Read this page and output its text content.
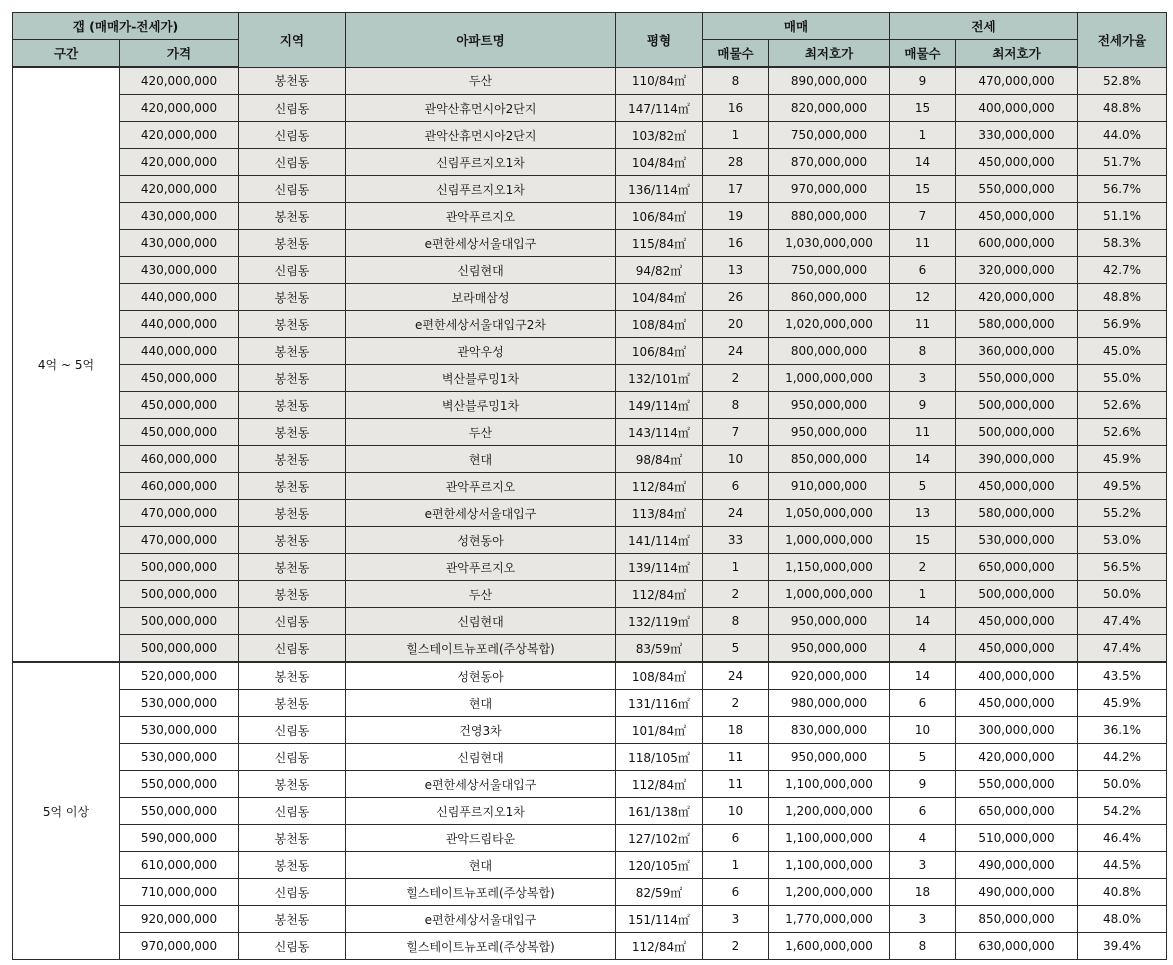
갭 (매매가-전세가)		지역	아파트명	평형	매매		전세		전세가율
구간	가격				매물수	최저호가	매물수	최저호가	
4억 ~ 5억	420,000,000	봉천동	두산	110/84㎡	8	890,000,000	9	470,000,000	52.8%
	420,000,000	신림동	관악산휴먼시아2단지	147/114㎡	16	820,000,000	15	400,000,000	48.8%
	420,000,000	신림동	관악산휴먼시아2단지	103/82㎡	1	750,000,000	1	330,000,000	44.0%
	420,000,000	신림동	신림푸르지오1차	104/84㎡	28	870,000,000	14	450,000,000	51.7%
	420,000,000	신림동	신림푸르지오1차	136/114㎡	17	970,000,000	15	550,000,000	56.7%
	430,000,000	봉천동	관악푸르지오	106/84㎡	19	880,000,000	7	450,000,000	51.1%
	430,000,000	봉천동	e편한세상서울대입구	115/84㎡	16	1,030,000,000	11	600,000,000	58.3%
	430,000,000	신림동	신림현대	94/82㎡	13	750,000,000	6	320,000,000	42.7%
	440,000,000	봉천동	보라매삼성	104/84㎡	26	860,000,000	12	420,000,000	48.8%
	440,000,000	봉천동	e편한세상서울대입구2차	108/84㎡	20	1,020,000,000	11	580,000,000	56.9%
	440,000,000	봉천동	관악우성	106/84㎡	24	800,000,000	8	360,000,000	45.0%
	450,000,000	봉천동	벽산블루밍1차	132/101㎡	2	1,000,000,000	3	550,000,000	55.0%
	450,000,000	봉천동	벽산블루밍1차	149/114㎡	8	950,000,000	9	500,000,000	52.6%
	450,000,000	봉천동	두산	143/114㎡	7	950,000,000	11	500,000,000	52.6%
	460,000,000	봉천동	현대	98/84㎡	10	850,000,000	14	390,000,000	45.9%
	460,000,000	봉천동	관악푸르지오	112/84㎡	6	910,000,000	5	450,000,000	49.5%
	470,000,000	봉천동	e편한세상서울대입구	113/84㎡	24	1,050,000,000	13	580,000,000	55.2%
	470,000,000	봉천동	성현동아	141/114㎡	33	1,000,000,000	15	530,000,000	53.0%
	500,000,000	봉천동	관악푸르지오	139/114㎡	1	1,150,000,000	2	650,000,000	56.5%
	500,000,000	봉천동	두산	112/84㎡	2	1,000,000,000	1	500,000,000	50.0%
	500,000,000	신림동	신림현대	132/119㎡	8	950,000,000	14	450,000,000	47.4%
	500,000,000	신림동	힐스테이트뉴포레(주상복합)	83/59㎡	5	950,000,000	4	450,000,000	47.4%
5억 이상	520,000,000	봉천동	성현동아	108/84㎡	24	920,000,000	14	400,000,000	43.5%
	530,000,000	봉천동	현대	131/116㎡	2	980,000,000	6	450,000,000	45.9%
	530,000,000	신림동	건영3차	101/84㎡	18	830,000,000	10	300,000,000	36.1%
	530,000,000	신림동	신림현대	118/105㎡	11	950,000,000	5	420,000,000	44.2%
	550,000,000	봉천동	e편한세상서울대입구	112/84㎡	11	1,100,000,000	9	550,000,000	50.0%
	550,000,000	신림동	신림푸르지오1차	161/138㎡	10	1,200,000,000	6	650,000,000	54.2%
	590,000,000	봉천동	관악드림타운	127/102㎡	6	1,100,000,000	4	510,000,000	46.4%
	610,000,000	봉천동	현대	120/105㎡	1	1,100,000,000	3	490,000,000	44.5%
	710,000,000	신림동	힐스테이트뉴포레(주상복합)	82/59㎡	6	1,200,000,000	18	490,000,000	40.8%
	920,000,000	봉천동	e편한세상서울대입구	151/114㎡	3	1,770,000,000	3	850,000,000	48.0%
	970,000,000	신림동	힐스테이트뉴포레(주상복합)	112/84㎡	2	1,600,000,000	8	630,000,000	39.4%
